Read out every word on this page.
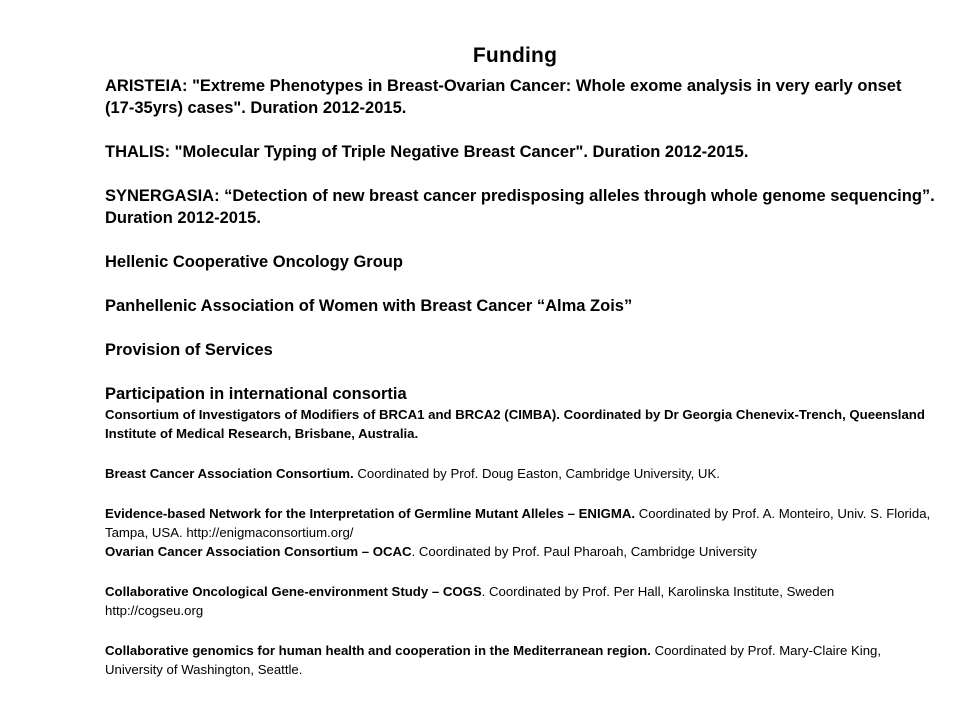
Funding

ARISTEIA: "Extreme Phenotypes in Breast-Ovarian Cancer: Whole exome analysis in very early onset (17-35yrs) cases". Duration 2012-2015.

THALIS: "Molecular Typing of Triple Negative Breast Cancer". Duration 2012-2015.

SYNERGASIA: “Detection of new breast cancer predisposing alleles through whole genome sequencing”. Duration 2012-2015.

Hellenic Cooperative Oncology Group

Panhellenic Association of Women with Breast Cancer “Alma Zois”

Provision of Services

Participation in international consortia

Consortium of Investigators of Modifiers of BRCA1 and BRCA2 (CIMBA). Coordinated by Dr Georgia Chenevix-Trench, Queensland Institute of Medical Research, Brisbane, Australia.

Breast Cancer Association Consortium. Coordinated by Prof. Doug Easton, Cambridge University, UK.

Evidence-based Network for the Interpretation of Germline Mutant Alleles – ENIGMA. Coordinated by Prof. A. Monteiro, Univ. S. Florida, Tampa, USA. http://enigmaconsortium.org/

Ovarian Cancer Association Consortium – OCAC. Coordinated by Prof. Paul Pharoah, Cambridge University

Collaborative Oncological Gene-environment Study – COGS. Coordinated by Prof. Per Hall, Karolinska Institute, Sweden http://cogseu.org

Collaborative genomics for human health and cooperation in the Mediterranean region. Coordinated by Prof. Mary-Claire King, University of Washington, Seattle.
